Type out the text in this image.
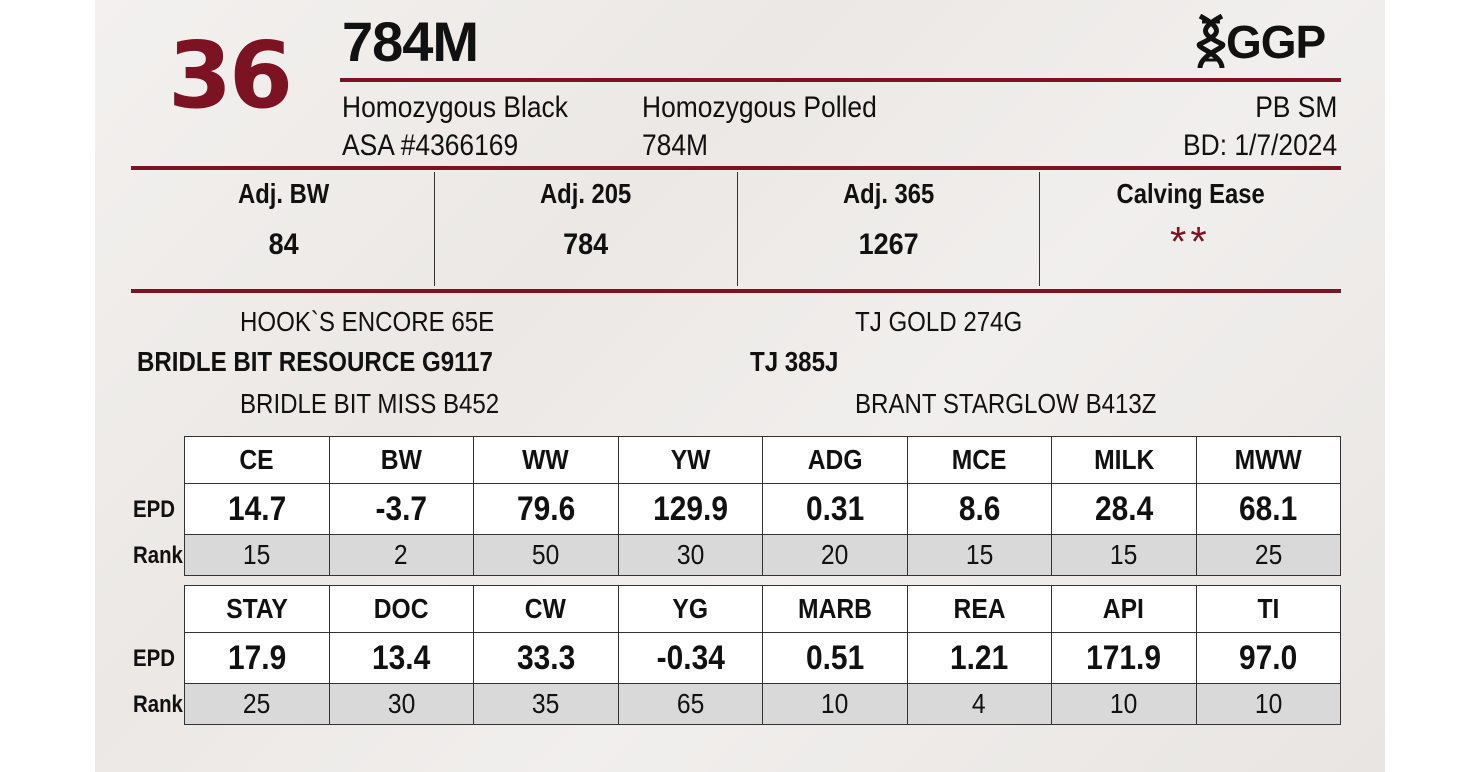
36 784M	GGP
Homozygous Black
ASA #4366169
Homozygous Polled
784M
PB SM
BD: 1/7/2024
Adj. BW
84
Adj. 205
784
Adj. 365
1267
Calving Ease
**
HOOK`S ENCORE 65E
BRIDLE BIT RESOURCE G9117
BRIDLE BIT MISS B452
TJ GOLD 274G
TJ 385J
BRANT STARGLOW B413Z
EPD
Rank
CE	BW	WW	YW	ADG	MCE	MILK	MWW
14.7	-3.7	79.6	129.9	0.31	8.6	28.4	68.1
15	2	50	30	20	15	15	25
EPD
Rank
STAY	DOC	CW	YG	MARB	REA	API	TI
17.9	13.4	33.3	-0.34	0.51	1.21	171.9	97.0
25	30	35	65	10	4	10	10
